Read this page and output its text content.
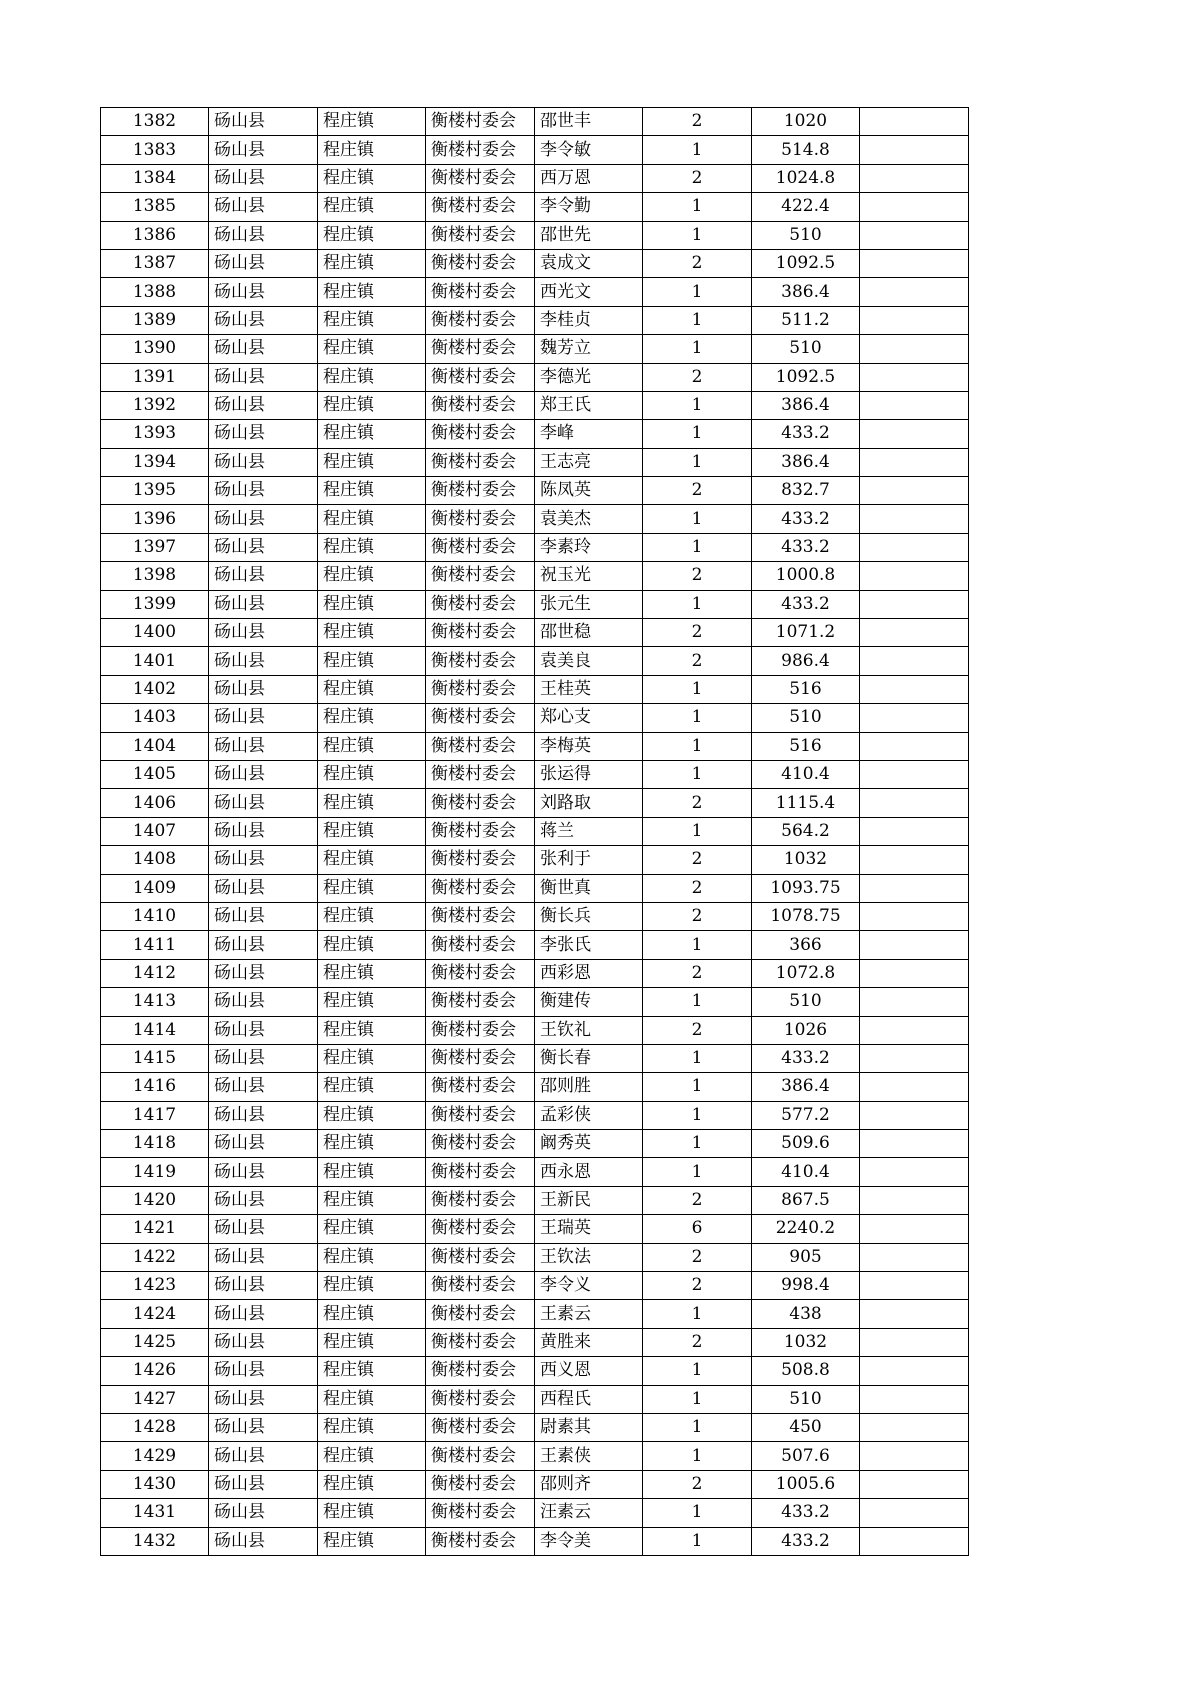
1382	砀山县	程庄镇	衡楼村委会	邵世丰	2	1020	
1383	砀山县	程庄镇	衡楼村委会	李令敏	1	514.8	
1384	砀山县	程庄镇	衡楼村委会	西万恩	2	1024.8	
1385	砀山县	程庄镇	衡楼村委会	李令勤	1	422.4	
1386	砀山县	程庄镇	衡楼村委会	邵世先	1	510	
1387	砀山县	程庄镇	衡楼村委会	袁成文	2	1092.5	
1388	砀山县	程庄镇	衡楼村委会	西光文	1	386.4	
1389	砀山县	程庄镇	衡楼村委会	李桂贞	1	511.2	
1390	砀山县	程庄镇	衡楼村委会	魏芳立	1	510	
1391	砀山县	程庄镇	衡楼村委会	李德光	2	1092.5	
1392	砀山县	程庄镇	衡楼村委会	郑王氏	1	386.4	
1393	砀山县	程庄镇	衡楼村委会	李峰	1	433.2	
1394	砀山县	程庄镇	衡楼村委会	王志亮	1	386.4	
1395	砀山县	程庄镇	衡楼村委会	陈凤英	2	832.7	
1396	砀山县	程庄镇	衡楼村委会	袁美杰	1	433.2	
1397	砀山县	程庄镇	衡楼村委会	李素玲	1	433.2	
1398	砀山县	程庄镇	衡楼村委会	祝玉光	2	1000.8	
1399	砀山县	程庄镇	衡楼村委会	张元生	1	433.2	
1400	砀山县	程庄镇	衡楼村委会	邵世稳	2	1071.2	
1401	砀山县	程庄镇	衡楼村委会	袁美良	2	986.4	
1402	砀山县	程庄镇	衡楼村委会	王桂英	1	516	
1403	砀山县	程庄镇	衡楼村委会	郑心支	1	510	
1404	砀山县	程庄镇	衡楼村委会	李梅英	1	516	
1405	砀山县	程庄镇	衡楼村委会	张运得	1	410.4	
1406	砀山县	程庄镇	衡楼村委会	刘路取	2	1115.4	
1407	砀山县	程庄镇	衡楼村委会	蒋兰	1	564.2	
1408	砀山县	程庄镇	衡楼村委会	张利于	2	1032	
1409	砀山县	程庄镇	衡楼村委会	衡世真	2	1093.75	
1410	砀山县	程庄镇	衡楼村委会	衡长兵	2	1078.75	
1411	砀山县	程庄镇	衡楼村委会	李张氏	1	366	
1412	砀山县	程庄镇	衡楼村委会	西彩恩	2	1072.8	
1413	砀山县	程庄镇	衡楼村委会	衡建传	1	510	
1414	砀山县	程庄镇	衡楼村委会	王钦礼	2	1026	
1415	砀山县	程庄镇	衡楼村委会	衡长春	1	433.2	
1416	砀山县	程庄镇	衡楼村委会	邵则胜	1	386.4	
1417	砀山县	程庄镇	衡楼村委会	孟彩侠	1	577.2	
1418	砀山县	程庄镇	衡楼村委会	阚秀英	1	509.6	
1419	砀山县	程庄镇	衡楼村委会	西永恩	1	410.4	
1420	砀山县	程庄镇	衡楼村委会	王新民	2	867.5	
1421	砀山县	程庄镇	衡楼村委会	王瑞英	6	2240.2	
1422	砀山县	程庄镇	衡楼村委会	王钦法	2	905	
1423	砀山县	程庄镇	衡楼村委会	李令义	2	998.4	
1424	砀山县	程庄镇	衡楼村委会	王素云	1	438	
1425	砀山县	程庄镇	衡楼村委会	黄胜来	2	1032	
1426	砀山县	程庄镇	衡楼村委会	西义恩	1	508.8	
1427	砀山县	程庄镇	衡楼村委会	西程氏	1	510	
1428	砀山县	程庄镇	衡楼村委会	尉素其	1	450	
1429	砀山县	程庄镇	衡楼村委会	王素侠	1	507.6	
1430	砀山县	程庄镇	衡楼村委会	邵则齐	2	1005.6	
1431	砀山县	程庄镇	衡楼村委会	汪素云	1	433.2	
1432	砀山县	程庄镇	衡楼村委会	李令美	1	433.2	
